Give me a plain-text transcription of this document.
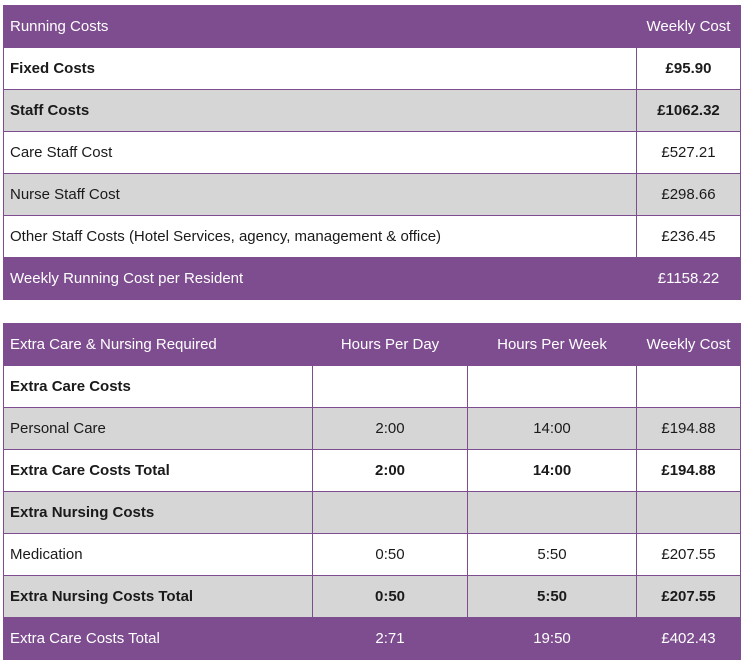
Running Costs	Weekly Cost
Fixed Costs	£95.90
Staff Costs	£1062.32
Care Staff Cost	£527.21
Nurse Staff Cost	£298.66
Other Staff Costs (Hotel Services, agency, management & office)	£236.45
Weekly Running Cost per Resident	£1158.22
Extra Care & Nursing Required	Hours Per Day	Hours Per Week	Weekly Cost
Extra Care Costs			
Personal Care	2:00	14:00	£194.88
Extra Care Costs Total	2:00	14:00	£194.88
Extra Nursing Costs			
Medication	0:50	5:50	£207.55
Extra Nursing Costs Total	0:50	5:50	£207.55
Extra Care Costs Total	2:71	19:50	£402.43
